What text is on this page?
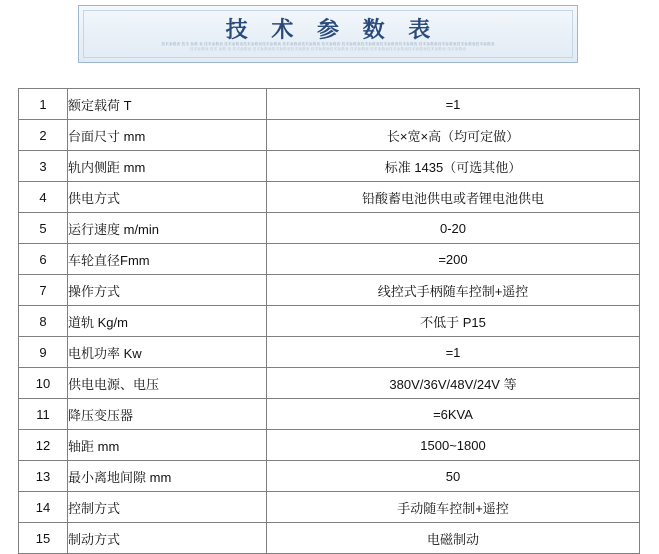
技 术 参 数 表
技术参数表 技术 参数 表 技术参数表 技术参数表技术参数表技术参数表 技术参数表技术参数表 技术参数表 技术参数表技术参数表技术参数表技术参数表 技术参数表技术参数表技术参数表技术参数表
技术参数表 技术 参数 表 技术参数表 技术参数表技术参数表技术参数表 技术参数表技术参数表 技术参数表 技术参数表技术参数表技术参数表技术参数表 技术参数表
1	额定载荷 T	=1
2	台面尺寸 mm	长×宽×高（均可定做）
3	轨内侧距 mm	标准 1435（可选其他）
4	供电方式	铅酸蓄电池供电或者锂电池供电
5	运行速度 m/min	0-20
6	车轮直径Fmm	=200
7	操作方式	线控式手柄随车控制+遥控
8	道轨 Kg/m	不低于 P15
9	电机功率 Kw	=1
10	供电电源、电压	380V/36V/48V/24V 等
11	降压变压器	=6KVA
12	轴距 mm	1500~1800
13	最小离地间隙 mm	50
14	控制方式	手动随车控制+遥控
15	制动方式	电磁制动
